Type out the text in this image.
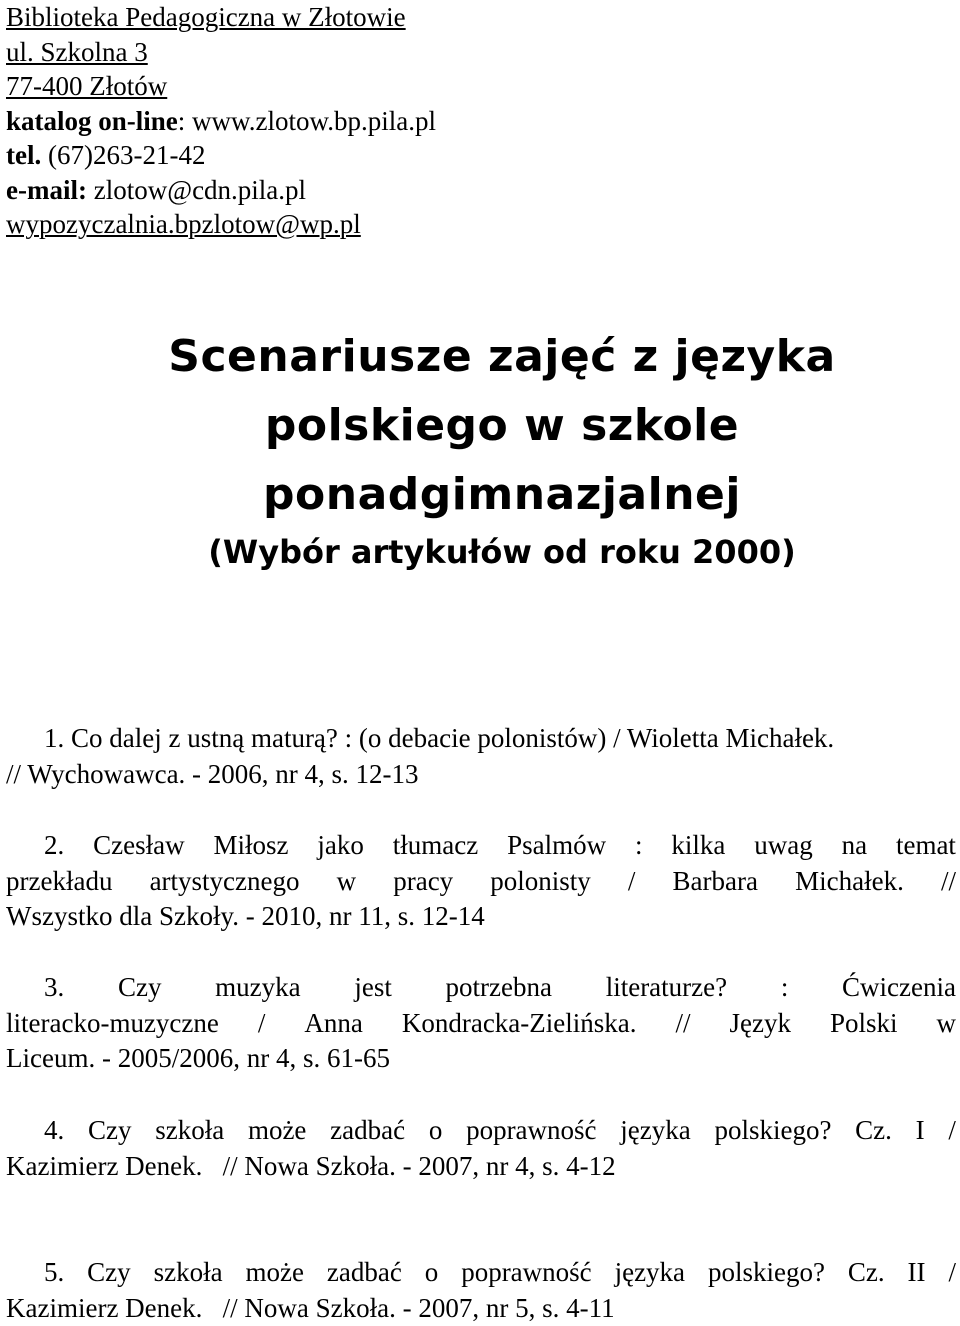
Biblioteka Pedagogiczna w Złotowie
ul. Szkolna 3
77-400 Złotów
katalog on-line: www.zlotow.bp.pila.pl
tel. (67)263-21-42
e-mail: zlotow@cdn.pila.pl
wypozyczalnia.bpzlotow@wp.pl
Scenariusze zajęć z języka
polskiego w szkole
ponadgimnazjalnej
(Wybór artykułów od roku 2000)
1. Co dalej z ustną maturą? : (o debacie polonistów) / Wioletta Michałek.
// Wychowawca. - 2006, nr 4, s. 12-13
2. Czesław Miłosz jako tłumacz Psalmów : kilka uwag na temat
przekładu artystycznego w pracy polonisty / Barbara Michałek. //
Wszystko dla Szkoły. - 2010, nr 11, s. 12-14
3. Czy muzyka jest potrzebna literaturze? : Ćwiczenia
literacko-muzyczne / Anna Kondracka-Zielińska. // Język Polski w
Liceum. - 2005/2006, nr 4, s. 61-65
4. Czy szkoła może zadbać o poprawność języka polskiego? Cz. I /
Kazimierz Denek.   // Nowa Szkoła. - 2007, nr 4, s. 4-12
5. Czy szkoła może zadbać o poprawność języka polskiego? Cz. II /
Kazimierz Denek.   // Nowa Szkoła. - 2007, nr 5, s. 4-11
